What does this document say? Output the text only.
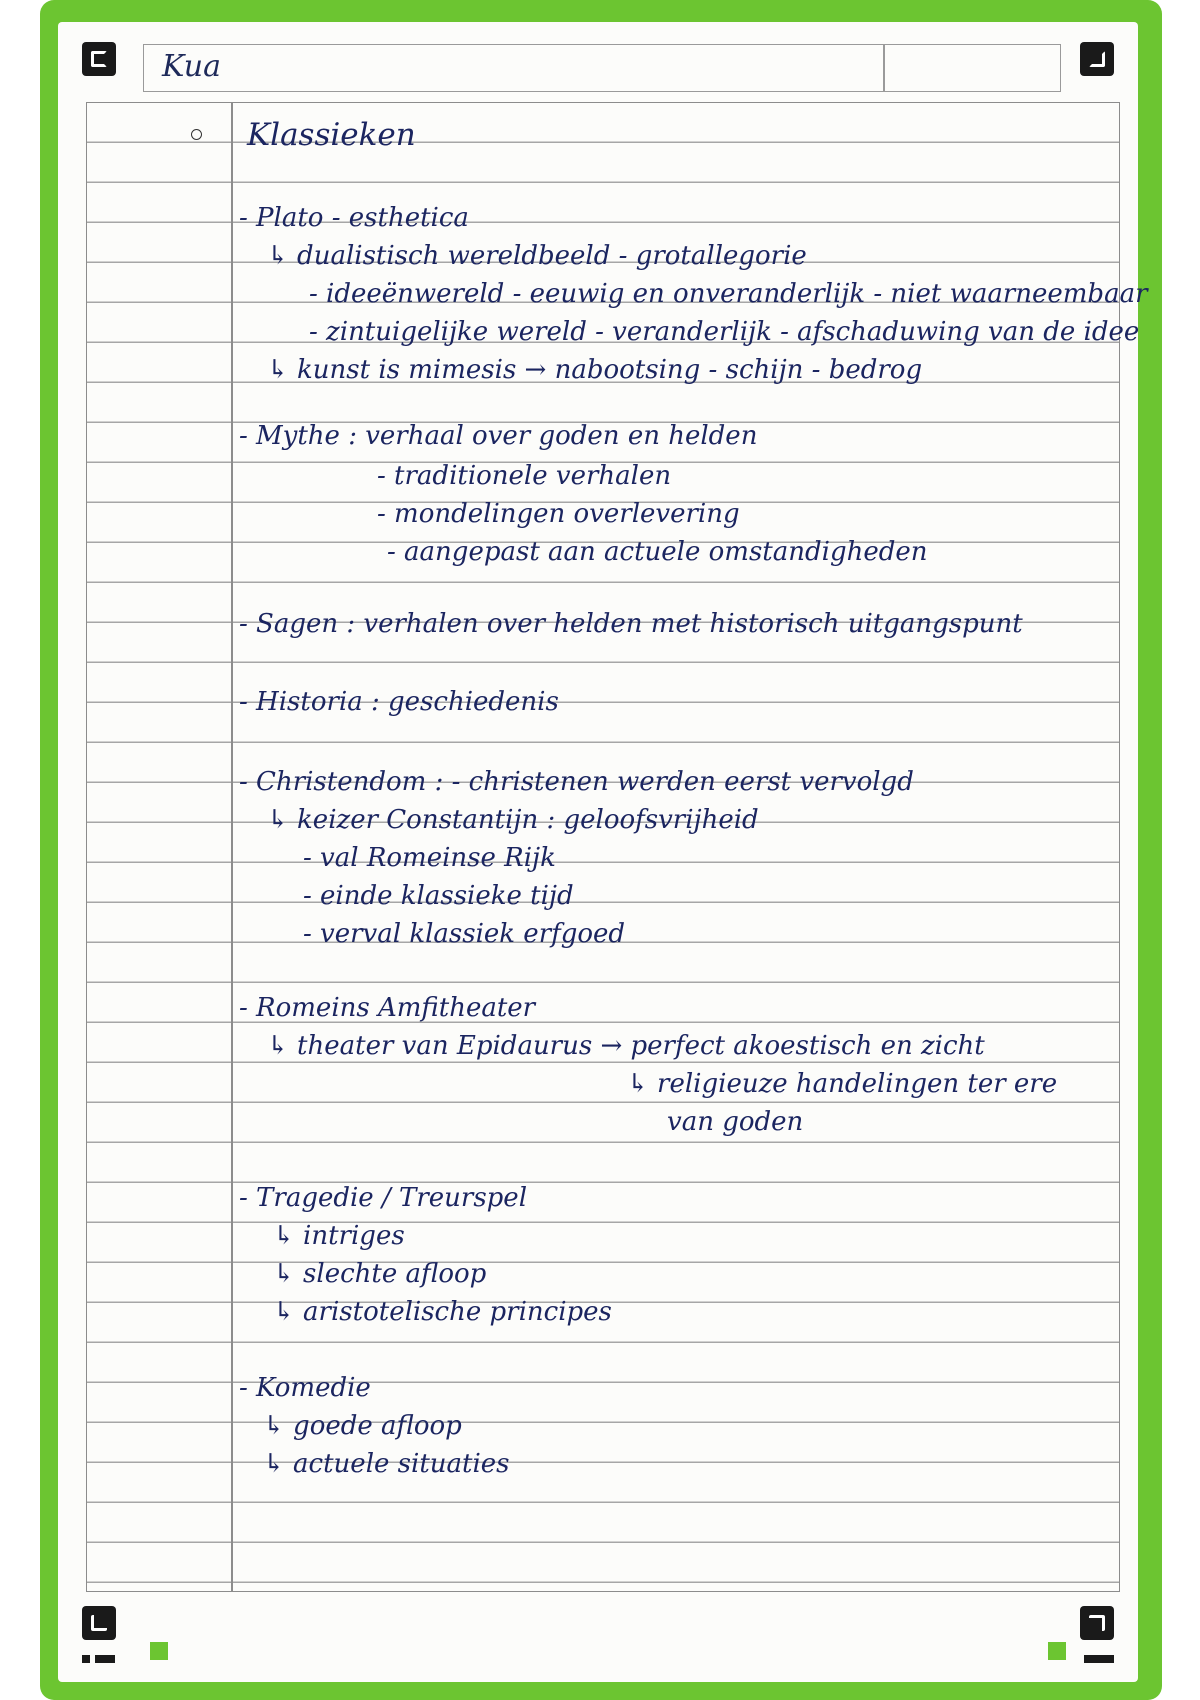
Kua
Klassieken
- Plato - esthetica
↳ dualistisch wereldbeeld - grotallegorie
- ideeënwereld - eeuwig en onveranderlijk - niet waarneembaar
- zintuigelijke wereld - veranderlijk - afschaduwing van de idee
↳ kunst is mimesis → nabootsing - schijn - bedrog
- Mythe : verhaal over goden en helden
- traditionele verhalen
- mondelingen overlevering
- aangepast aan actuele omstandigheden
- Sagen : verhalen over helden met historisch uitgangspunt
- Historia : geschiedenis
- Christendom : - christenen werden eerst vervolgd
↳ keizer Constantijn : geloofsvrijheid
- val Romeinse Rijk
- einde klassieke tijd
- verval klassiek erfgoed
- Romeins Amfitheater
↳ theater van Epidaurus → perfect akoestisch en zicht
↳ religieuze handelingen ter ere
van goden
- Tragedie / Treurspel
↳ intriges
↳ slechte afloop
↳ aristotelische principes
- Komedie
↳ goede afloop
↳ actuele situaties
